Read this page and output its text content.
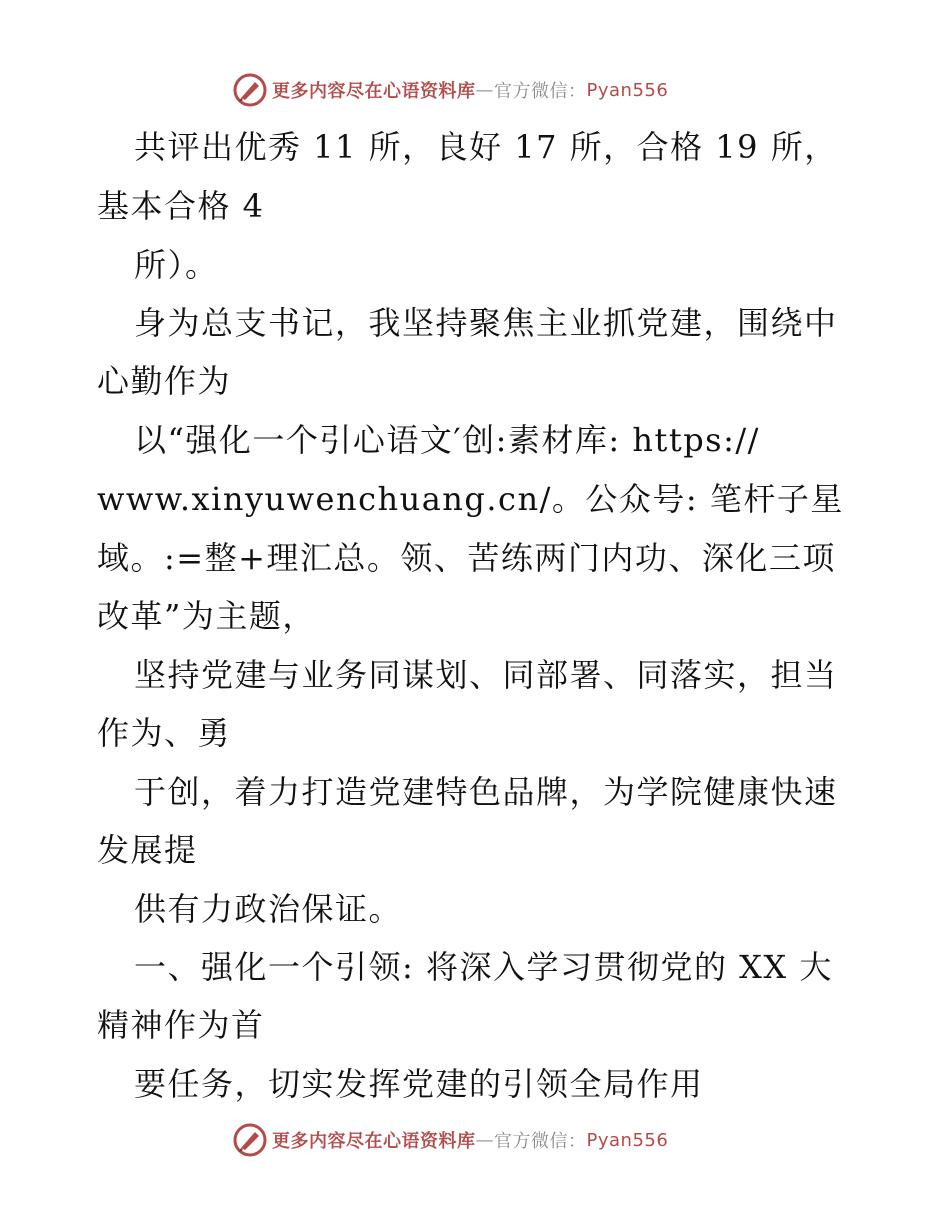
更多内容尽在心语资料库 — 官方微信： Pyan556
共评出优秀 11 所，良好 17 所，合格 19 所，
基本合格 4
所）。
身为总支书记，我坚持聚焦主业抓党建，围绕中
心勤作为
以“强化一个引心语文′创:素材库: https://
www.xinyuwenchuang.cn/。公众号: 笔杆子星
域。:=整+理汇总。领、苦练两门内功、深化三项
改革”为主题，
坚持党建与业务同谋划、同部署、同落实，担当
作为、勇
于创，着力打造党建特色品牌，为学院健康快速
发展提
供有力政治保证。
一、强化一个引领: 将深入学习贯彻党的 XX 大
精神作为首
要任务，切实发挥党建的引领全局作用
更多内容尽在心语资料库 — 官方微信： Pyan556
